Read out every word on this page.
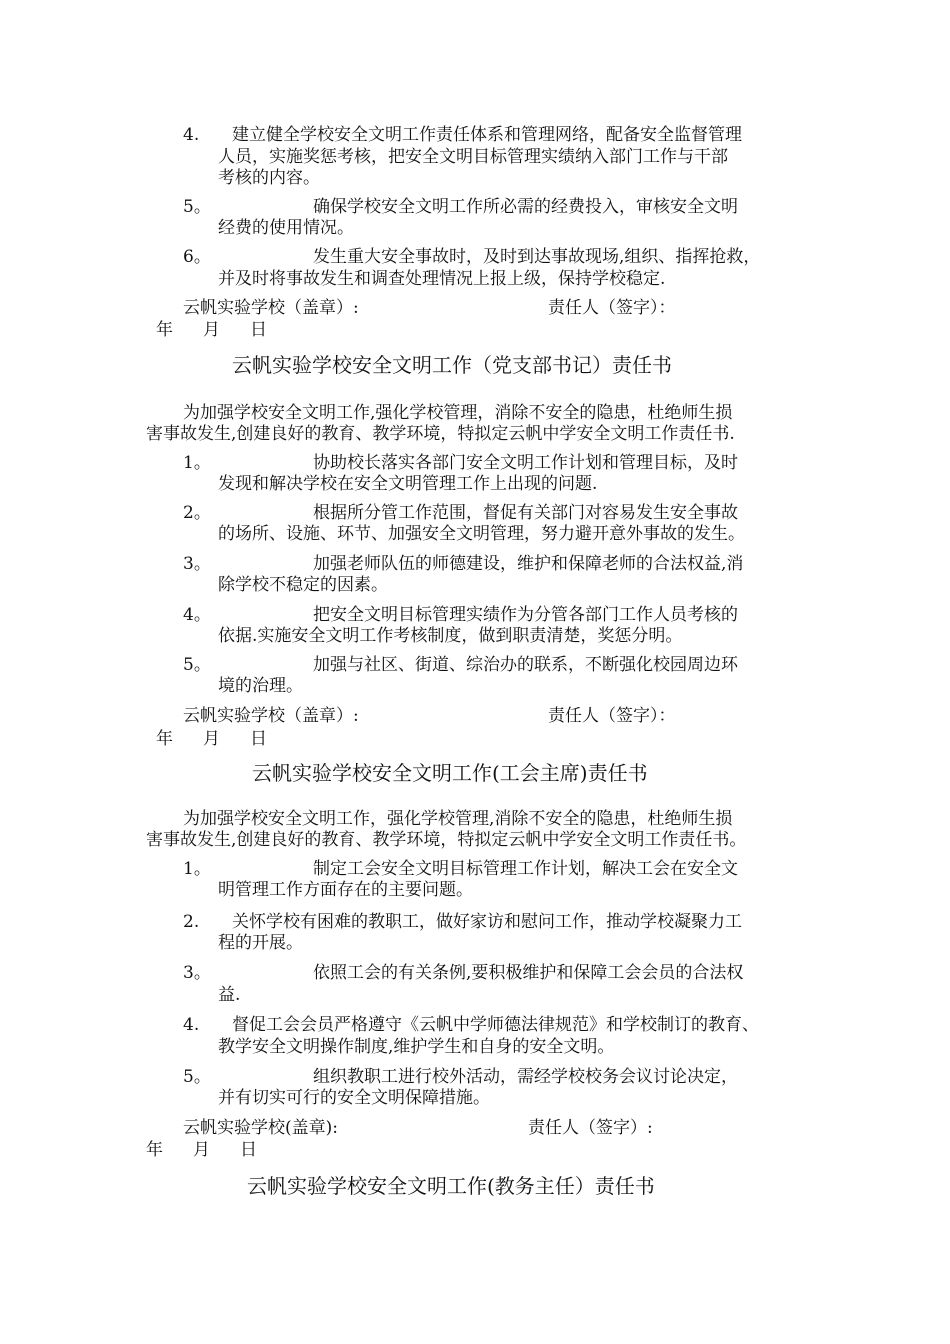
4. 建立健全学校安全文明工作责任体系和管理网络，配备安全监督管理
人员，实施奖惩考核，把安全文明目标管理实绩纳入部门工作与干部
考核的内容。
5。	确保学校安全文明工作所必需的经费投入，审核安全文明
经费的使用情况。
6。	发生重大安全事故时，及时到达事故现场,组织、指挥抢救，
并及时将事故发生和调查处理情况上报上级，保持学校稳定.
云帆实验学校（盖章）:	责任人（签字）：
年 月 日
云帆实验学校安全文明工作（党支部书记）责任书
为加强学校安全文明工作,强化学校管理，消除不安全的隐患，杜绝师生损
害事故发生,创建良好的教育、教学环境，特拟定云帆中学安全文明工作责任书.
1。	协助校长落实各部门安全文明工作计划和管理目标，及时
发现和解决学校在安全文明管理工作上出现的问题.
2。	根据所分管工作范围，督促有关部门对容易发生安全事故
的场所、设施、环节、加强安全文明管理，努力避开意外事故的发生。
3。	加强老师队伍的师德建设，维护和保障老师的合法权益,消
除学校不稳定的因素。
4。	把安全文明目标管理实绩作为分管各部门工作人员考核的
依据.实施安全文明工作考核制度，做到职责清楚，奖惩分明。
5。	加强与社区、街道、综治办的联系，不断强化校园周边环
境的治理。
云帆实验学校（盖章）:	责任人（签字）：
年 月 日
云帆实验学校安全文明工作(工会主席)责任书
为加强学校安全文明工作，强化学校管理,消除不安全的隐患，杜绝师生损
害事故发生,创建良好的教育、教学环境，特拟定云帆中学安全文明工作责任书。
1。	制定工会安全文明目标管理工作计划，解决工会在安全文
明管理工作方面存在的主要问题。
2. 关怀学校有困难的教职工，做好家访和慰问工作，推动学校凝聚力工
程的开展。
3。	依照工会的有关条例,要积极维护和保障工会会员的合法权
益.
4. 督促工会会员严格遵守《云帆中学师德法律规范》和学校制订的教育、
教学安全文明操作制度,维护学生和自身的安全文明。
5。	组织教职工进行校外活动，需经学校校务会议讨论决定，
并有切实可行的安全文明保障措施。
云帆实验学校(盖章):	责任人（签字）:
年 月 日
云帆实验学校安全文明工作(教务主任）责任书
